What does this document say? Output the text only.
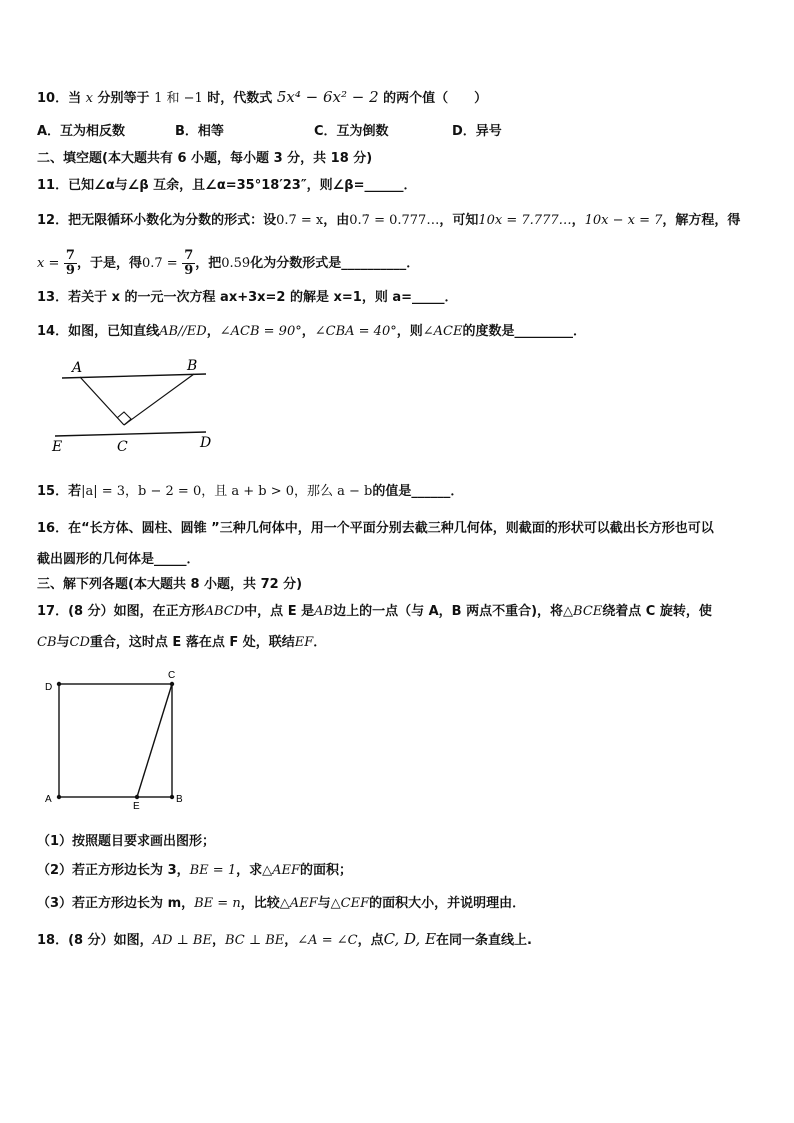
10．当 x 分别等于 1 和 −1 时，代数式 5x⁴ − 6x² − 2 的两个值（　　）
A．互为相反数	B．相等	C．互为倒数	D．异号
二、填空题(本大题共有 6 小题，每小题 3 分，共 18 分)
11．已知∠α与∠β 互余，且∠α=35°18′23″，则∠β=______．
12．把无限循环小数化为分数的形式：设0.7̇ = x，由0.7̇ = 0.777…，可知10x = 7.777…，10x − x = 7，解方程，得
$x = \frac{7}{9}$ ，于是，得0.7̇ = $\frac{7}{9}$ ，把0.5̇9̇化为分数形式是__________．
13．若关于 x 的一元一次方程 ax+3x=2 的解是 x=1，则 a=_____．
14．如图，已知直线AB//ED，∠ACB = 90°，∠CBA = 40°，则∠ACE的度数是_________．
A	B
E	C	D
15．若|a| = 3，b − 2 = 0，且 a + b > 0，那么 a − b的值是______．
16．在“长方体、圆柱、圆锥 ”三种几何体中，用一个平面分别去截三种几何体，则截面的形状可以截出长方形也可以
截出圆形的几何体是_____．
三、解下列各题(本大题共 8 小题，共 72 分)
17．(8 分）如图，在正方形ABCD中，点 E 是AB边上的一点（与 A，B 两点不重合)，将△BCE绕着点 C 旋转，使
CB与CD重合，这时点 E 落在点 F 处，联结EF．
D
C
A
E
B
（1）按照题目要求画出图形；
（2）若正方形边长为 3，BE = 1，求△AEF的面积；
（3）若正方形边长为 m，BE = n，比较△AEF与△CEF的面积大小，并说明理由．
18．(8 分）如图，AD ⊥ BE，BC ⊥ BE，∠A = ∠C，点C, D, E在同一条直线上.
